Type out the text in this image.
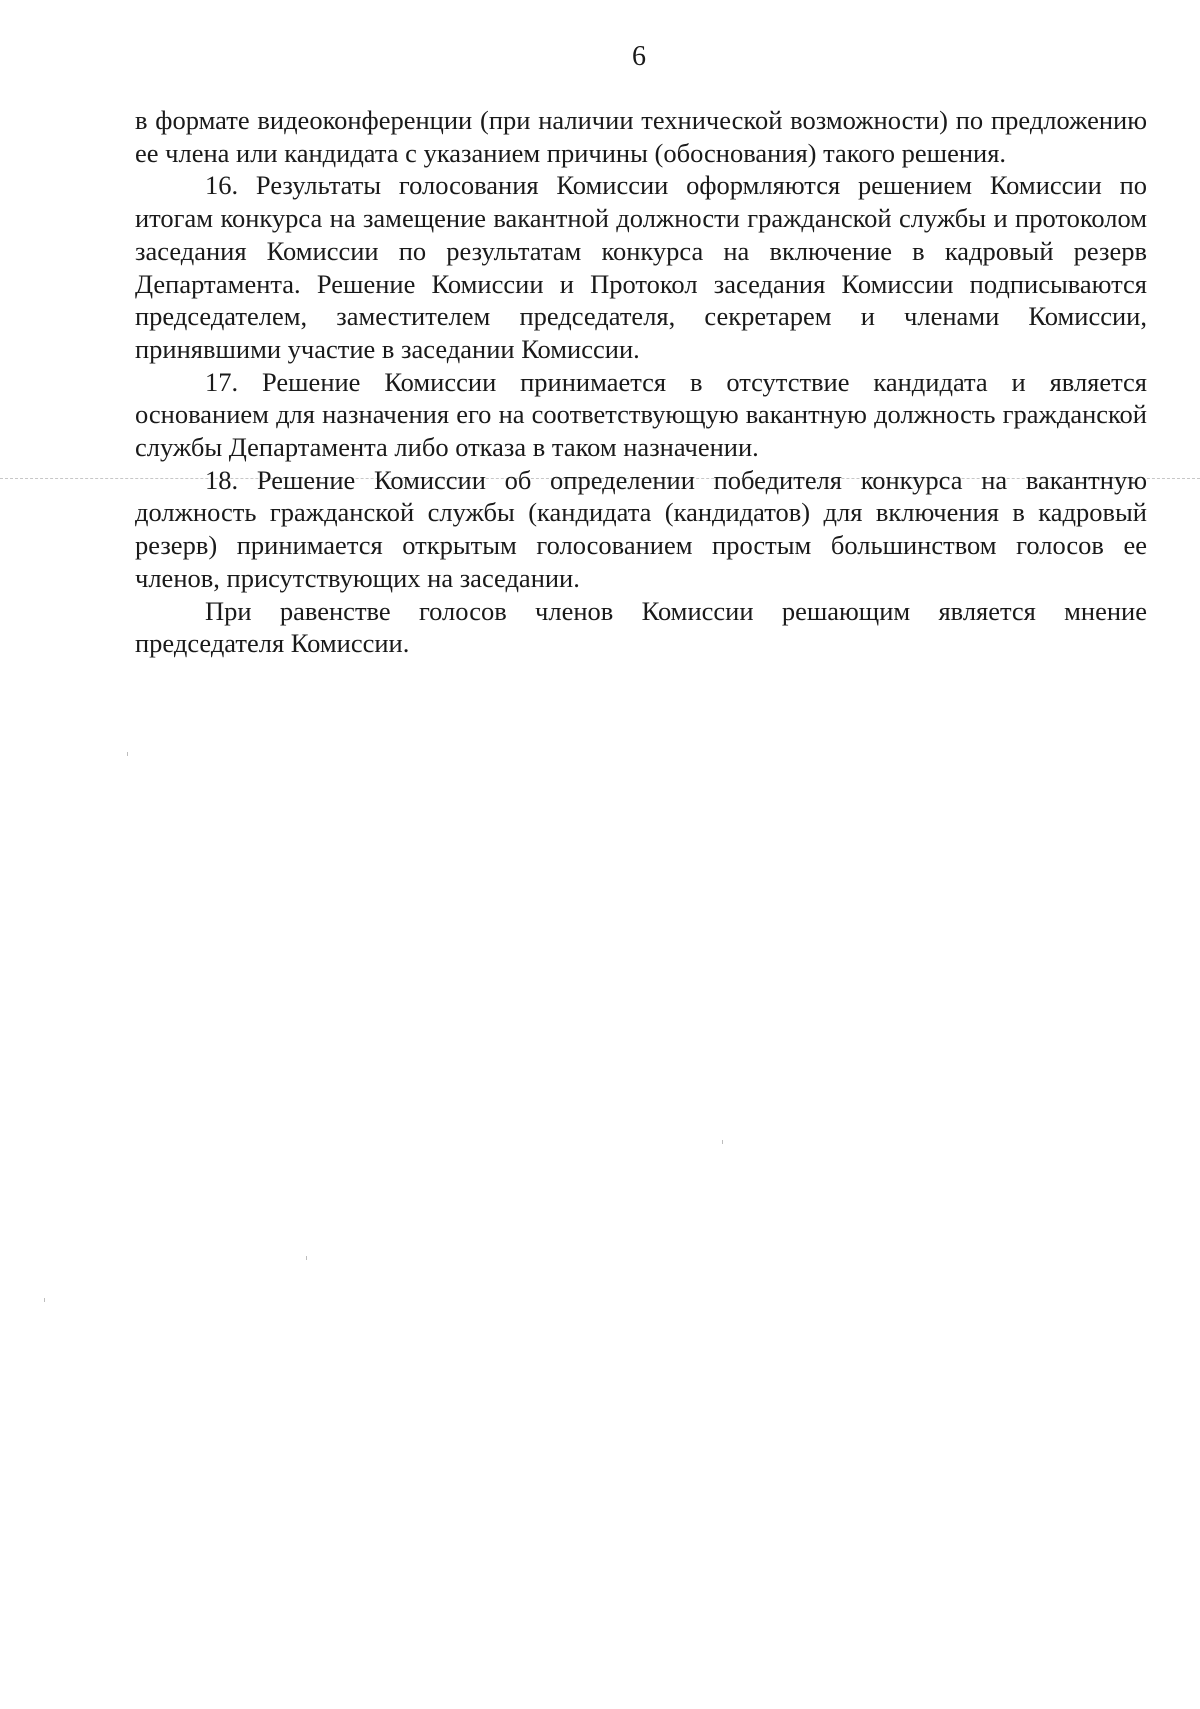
6

в формате видеоконференции (при наличии технической возможности) по предложению ее члена или кандидата с указанием причины (обоснования) такого решения.

16. Результаты голосования Комиссии оформляются решением Комиссии по итогам конкурса на замещение вакантной должности гражданской службы и протоколом заседания Комиссии по результатам конкурса на включение в кадровый резерв Департамента. Решение Комиссии и Протокол заседания Комиссии подписываются председателем, заместителем председателя, секретарем и членами Комиссии, принявшими участие в заседании Комиссии.

17. Решение Комиссии принимается в отсутствие кандидата и является основанием для назначения его на соответствующую вакантную должность гражданской службы Департамента либо отказа в таком назначении.

18. Решение Комиссии об определении победителя конкурса на вакантную должность гражданской службы (кандидата (кандидатов) для включения в кадровый резерв) принимается открытым голосованием простым большинством голосов ее членов, присутствующих на заседании.

При равенстве голосов членов Комиссии решающим является мнение председателя Комиссии.
